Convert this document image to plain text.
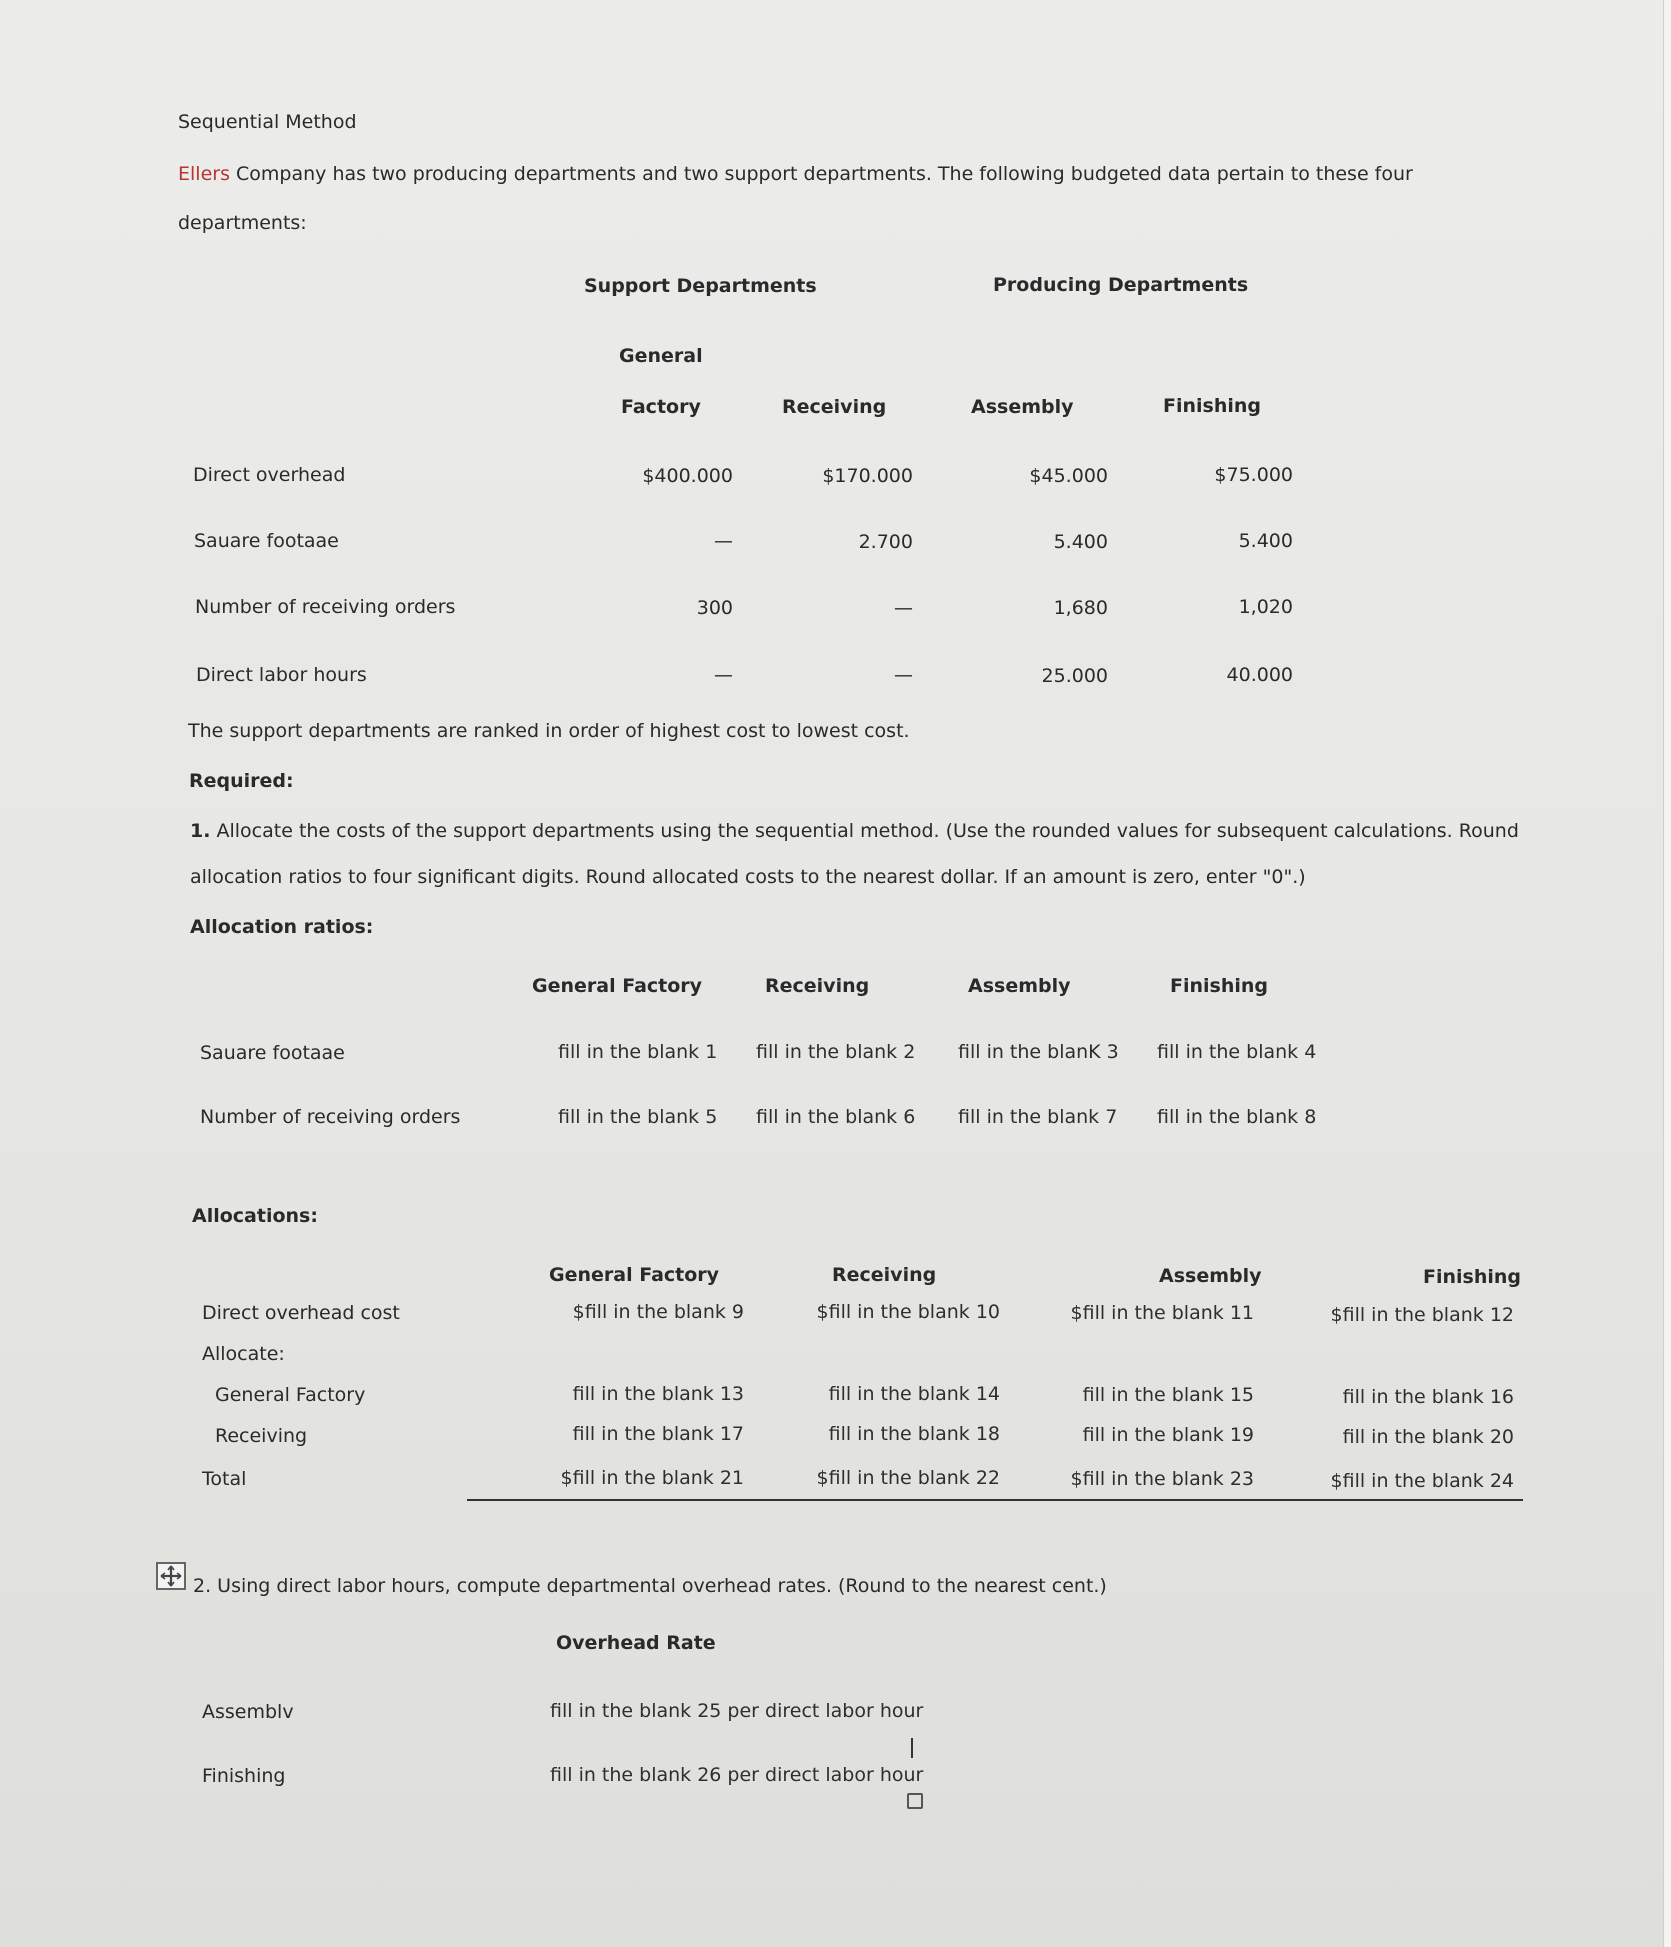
Sequential Method
Ellers Company has two producing departments and two support departments. The following budgeted data pertain to these four
departments:
Support Departments	Producing Departments
General
Factory	Receiving	Assembly	Finishing
Direct overhead	$400.000	$170.000	$45.000	$75.000
Sauare footaae	—	2.700	5.400	5.400
Number of receiving orders	300	—	1,680	1,020
Direct labor hours	—	—	25.000	40.000
The support departments are ranked in order of highest cost to lowest cost.
Required:
1. Allocate the costs of the support departments using the sequential method. (Use the rounded values for subsequent calculations. Round
allocation ratios to four significant digits. Round allocated costs to the nearest dollar. If an amount is zero, enter "0".)
Allocation ratios:
General Factory	Receiving	Assembly	Finishing
Sauare footaae	fill in the blank 1 fill in the blank 2 fill in the blanK 3 fill in the blank 4
Number of receiving orders	fill in the blank 5 fill in the blank 6 fill in the blank 7 fill in the blank 8
Allocations:
General Factory	Receiving	Assembly	Finishing
Direct overhead cost	$fill in the blank 9	$fill in the blank 10	$fill in the blank 11	$fill in the blank 12
Allocate:
General Factory	fill in the blank 13	fill in the blank 14	fill in the blank 15	fill in the blank 16
Receiving	fill in the blank 17	fill in the blank 18	fill in the blank 19	fill in the blank 20
Total	$fill in the blank 21	$fill in the blank 22	$fill in the blank 23	$fill in the blank 24
2. Using direct labor hours, compute departmental overhead rates. (Round to the nearest cent.)
Overhead Rate
Assemblv	fill in the blank 25 per direct labor hour
Finishing	fill in the blank 26 per direct labor hour
